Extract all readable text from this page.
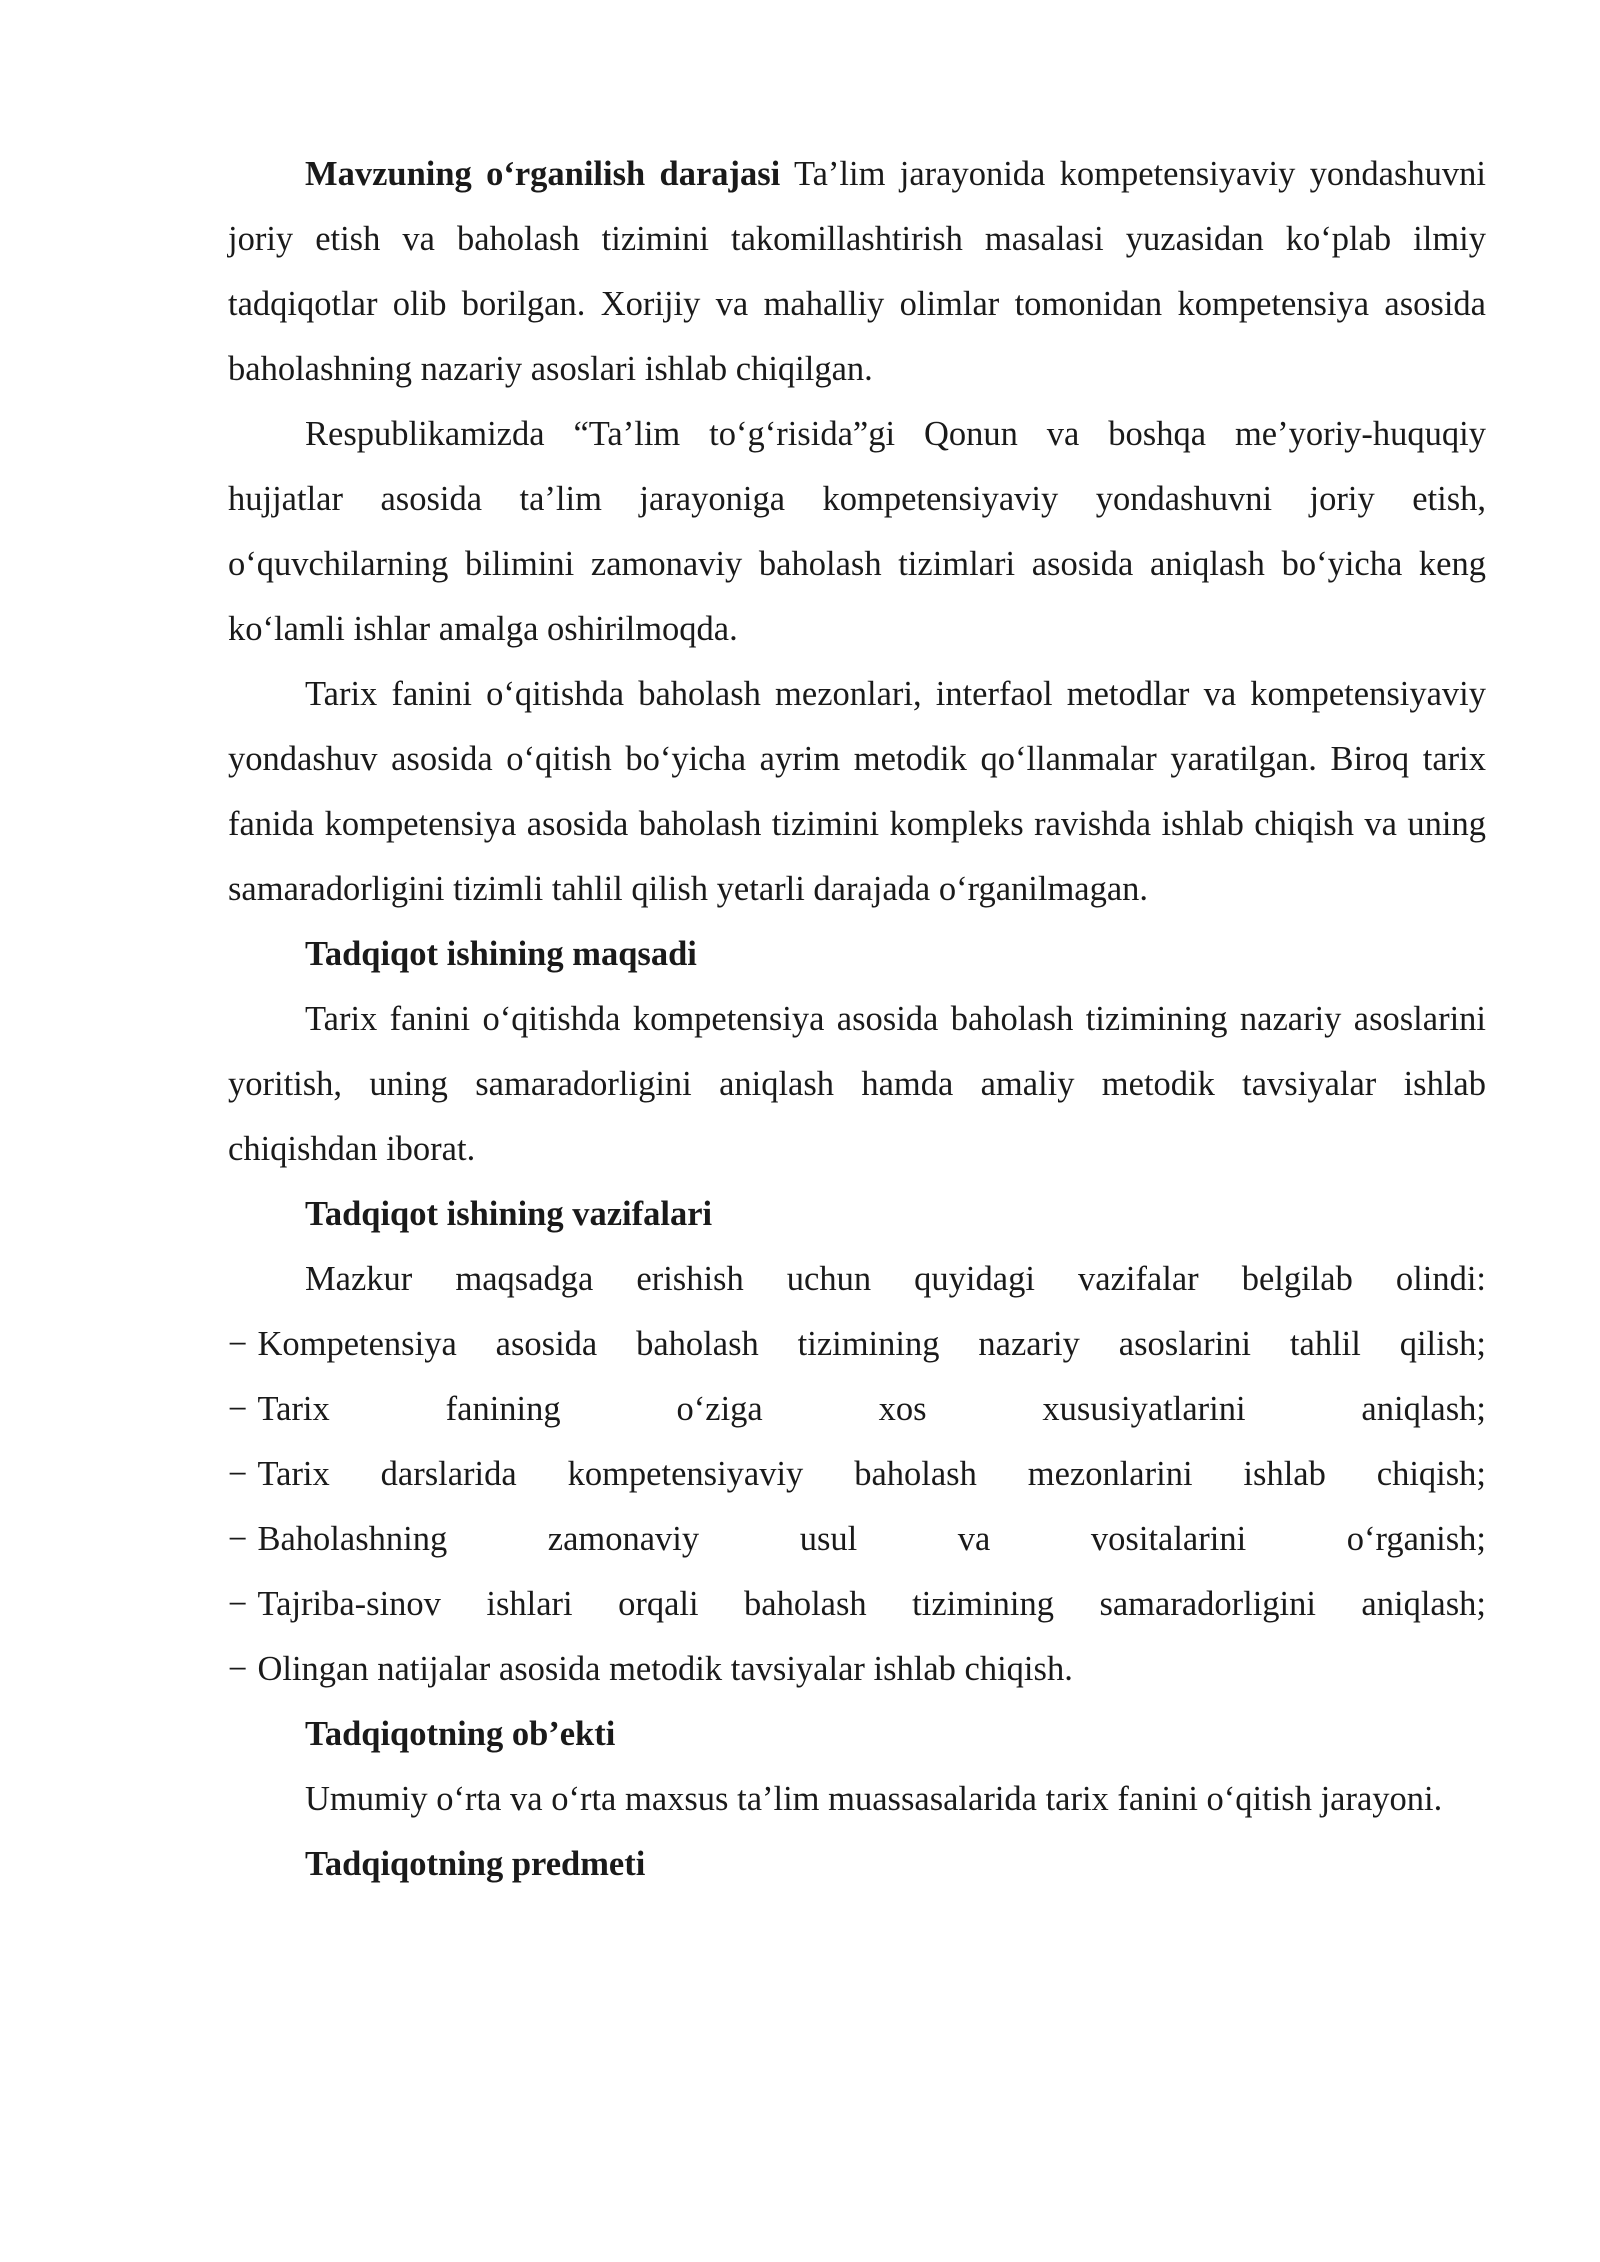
Mavzuning o‘rganilish darajasi Ta’lim jarayonida kompetensiyaviy yondashuvni joriy etish va baholash tizimini takomillashtirish masalasi yuzasidan ko‘plab ilmiy tadqiqotlar olib borilgan. Xorijiy va mahalliy olimlar tomonidan kompetensiya asosida baholashning nazariy asoslari ishlab chiqilgan.

Respublikamizda “Ta’lim to‘g‘risida”gi Qonun va boshqa me’yoriy-huquqiy hujjatlar asosida ta’lim jarayoniga kompetensiyaviy yondashuvni joriy etish, o‘quvchilarning bilimini zamonaviy baholash tizimlari asosida aniqlash bo‘yicha keng ko‘lamli ishlar amalga oshirilmoqda.

Tarix fanini o‘qitishda baholash mezonlari, interfaol metodlar va kompetensiyaviy yondashuv asosida o‘qitish bo‘yicha ayrim metodik qo‘llanmalar yaratilgan. Biroq tarix fanida kompetensiya asosida baholash tizimini kompleks ravishda ishlab chiqish va uning samaradorligini tizimli tahlil qilish yetarli darajada o‘rganilmagan.

Tadqiqot ishining maqsadi

Tarix fanini o‘qitishda kompetensiya asosida baholash tizimining nazariy asoslarini yoritish, uning samaradorligini aniqlash hamda amaliy metodik tavsiyalar ishlab chiqishdan iborat.

Tadqiqot ishining vazifalari

Mazkur maqsadga erishish uchun quyidagi vazifalar belgilab olindi:

− Kompetensiya asosida baholash tizimining nazariy asoslarini tahlil qilish;

− Tarix fanining o‘ziga xos xususiyatlarini aniqlash;

− Tarix darslarida kompetensiyaviy baholash mezonlarini ishlab chiqish;

− Baholashning zamonaviy usul va vositalarini o‘rganish;

− Tajriba-sinov ishlari orqali baholash tizimining samaradorligini aniqlash;

− Olingan natijalar asosida metodik tavsiyalar ishlab chiqish.

Tadqiqotning ob’ekti

Umumiy o‘rta va o‘rta maxsus ta’lim muassasalarida tarix fanini o‘qitish jarayoni.

Tadqiqotning predmeti
